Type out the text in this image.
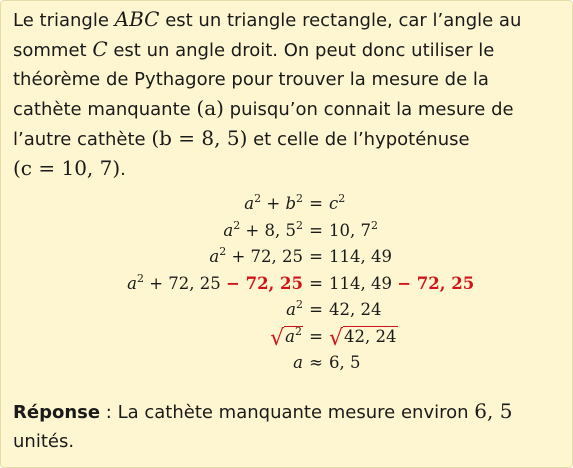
Le triangle ABC est un triangle rectangle, car l’angle au

sommet C est un angle droit. On peut donc utiliser le

théorème de Pythagore pour trouver la mesure de la

cathète manquante (a) puisqu’on connait la mesure de

l’autre cathète (b = 8, 5) et celle de l’hypoténuse

(c = 10, 7).

$a^2 + b^2 = c^2$
$a^2 + 8$, $5^2 = 10$, $7^2$
$a^2 + 72$, 25 = 114, 49
$a^2 + 72$, 25 − 72, 25 = 114, 49 − 72, 25
$a^2 = 42$, 24
√ $a^2$ = √ 42, 24
a ≈ 6, 5

Réponse : La cathète manquante mesure environ 6, 5

unités.
